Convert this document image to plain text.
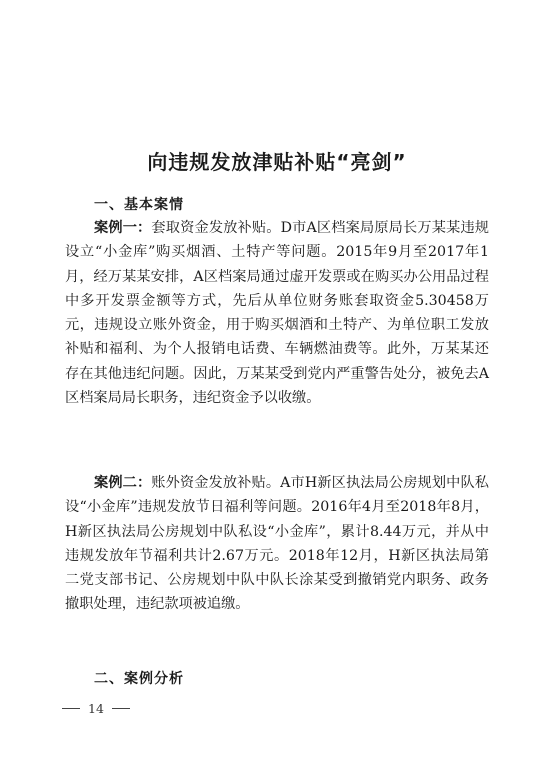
向违规发放津贴补贴“亮剑”
一、基本案情

案例一：套取资金发放补贴。D市A区档案局原局长万某某违规设立“小金库”购买烟酒、土特产等问题。2015年9月至2017年1月，经万某某安排，A区档案局通过虚开发票或在购买办公用品过程中多开发票金额等方式，先后从单位财务账套取资金5.30458万元，违规设立账外资金，用于购买烟酒和土特产、为单位职工发放补贴和福利、为个人报销电话费、车辆燃油费等。此外，万某某还存在其他违纪问题。因此，万某某受到党内严重警告处分，被免去A区档案局局长职务，违纪资金予以收缴。

案例二：账外资金发放补贴。A市H新区执法局公房规划中队私设“小金库”违规发放节日福利等问题。2016年4月至2018年8月，H新区执法局公房规划中队私设“小金库”，累计8.44万元，并从中违规发放年节福利共计2.67万元。2018年12月，H新区执法局第二党支部书记、公房规划中队中队长涂某受到撤销党内职务、政务撤职处理，违纪款项被追缴。

二、案例分析
14
